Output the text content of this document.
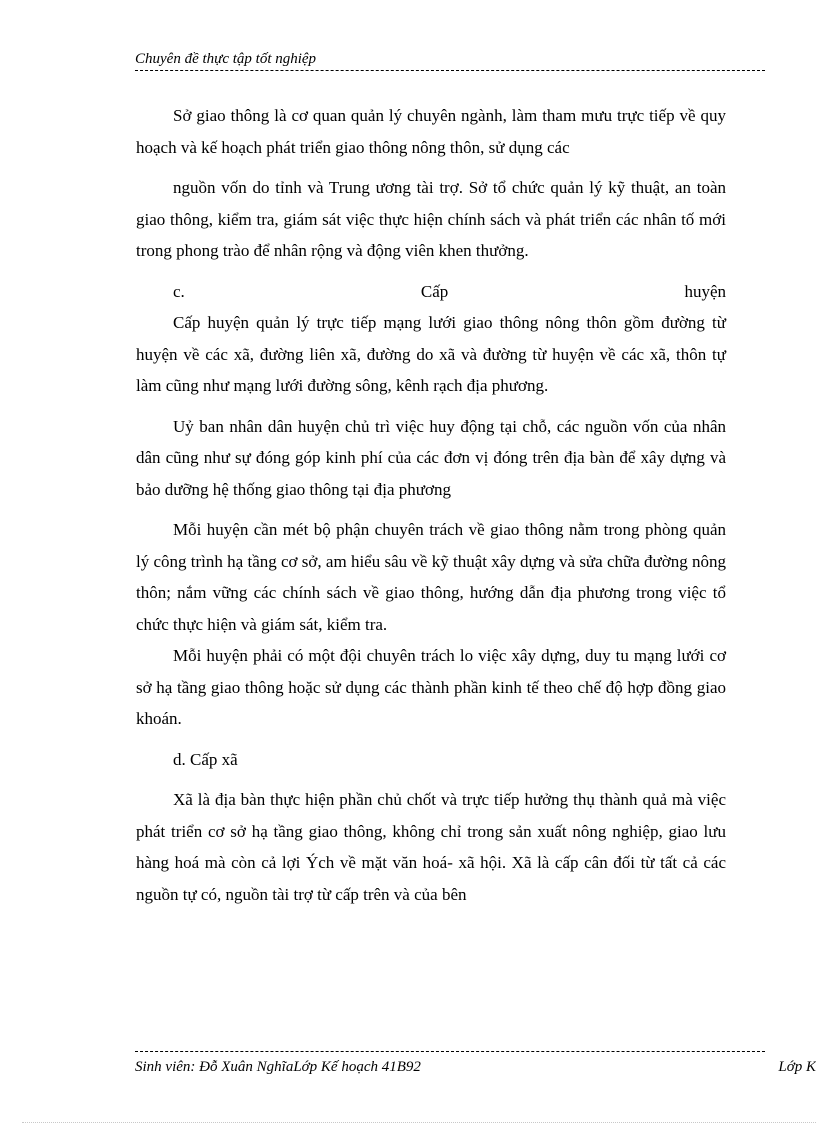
Chuyên đề thực tập tốt nghiệp

Sở giao thông là cơ quan quản lý chuyên ngành, làm tham mưu trực tiếp về quy hoạch và kế hoạch phát triển giao thông nông thôn, sử dụng các

nguồn vốn do tỉnh và Trung ương tài trợ. Sở tổ chức quản lý kỹ thuật, an toàn giao thông, kiểm tra, giám sát việc thực hiện chính sách và phát triển các nhân tố mới trong phong trào để nhân rộng và động viên khen thưởng.

c.	Cấp	huyện

Cấp huyện quản lý trực tiếp mạng lưới giao thông nông thôn gồm đường từ huyện về các xã, đường liên xã, đường do xã và đường từ huyện về các xã, thôn tự làm cũng như mạng lưới đường sông, kênh rạch địa phương.

Uỷ ban nhân dân huyện chủ trì việc huy động tại chỗ, các nguồn vốn của nhân dân cũng như sự đóng góp kinh phí của các đơn vị đóng trên địa bàn để xây dựng và bảo dưỡng hệ thống giao thông tại địa phương

Mỗi huyện cần mét bộ phận chuyên trách về giao thông nằm trong phòng quản lý công trình hạ tầng cơ sở, am hiểu sâu về kỹ thuật xây dựng và sửa chữa đường nông thôn; nắm vững các chính sách về giao thông, hướng dẫn địa phương trong việc tổ chức thực hiện và giám sát, kiểm tra.

Mỗi huyện phải có một đội chuyên trách lo việc xây dựng, duy tu mạng lưới cơ sở hạ tầng giao thông hoặc sử dụng các thành phần kinh tế theo chế độ hợp đồng giao khoán.

d. Cấp xã

Xã là địa bàn thực hiện phần chủ chốt và trực tiếp hưởng thụ thành quả mà việc phát triển cơ sở hạ tầng giao thông, không chỉ trong sản xuất nông nghiệp, giao lưu hàng hoá mà còn cả lợi Ých về mặt văn hoá- xã hội. Xã là cấp cân đối từ tất cả các nguồn tự có, nguồn tài trợ từ cấp trên và của bên

Sinh viên: Đỗ Xuân NghĩaLớp Kế hoạch 41B92	Lớp K
